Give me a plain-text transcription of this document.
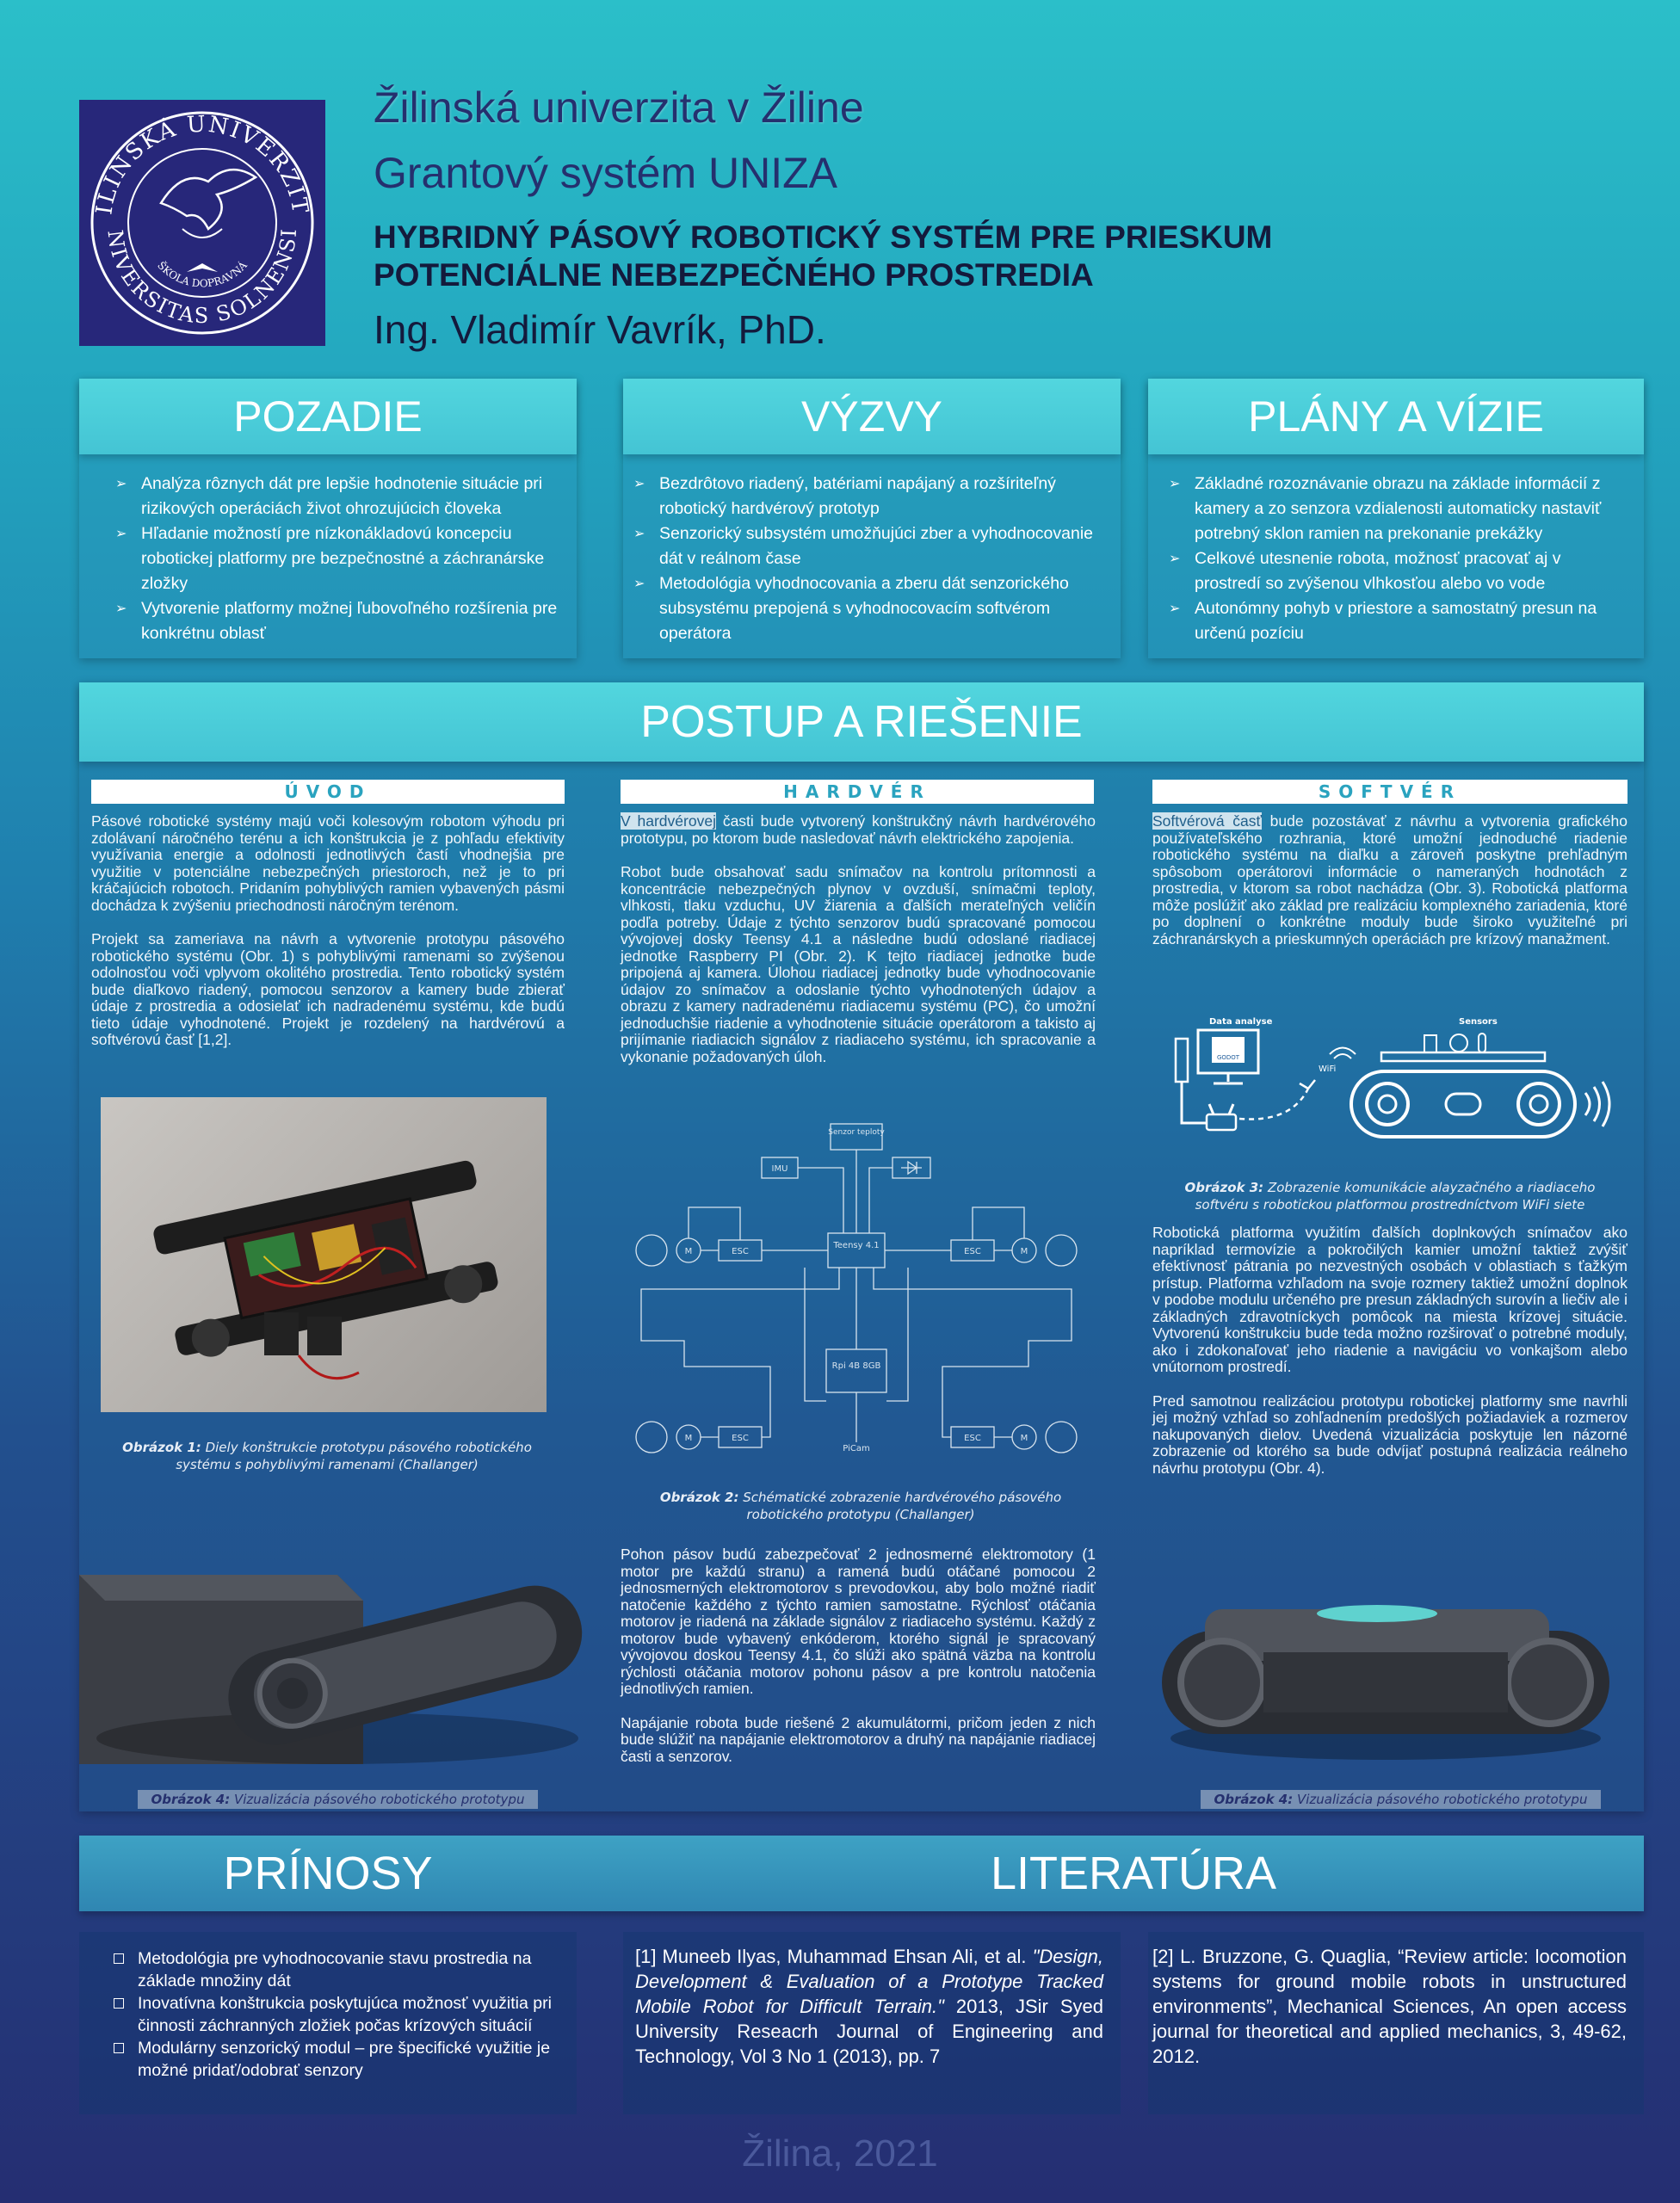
ILINSKÁ UNIVERZIT
NIVERSITAS SOLNENSI
ŠKOLA DOPRAVNÁ
Žilinská univerzita v Žiline
Grantový systém UNIZA
HYBRIDNÝ PÁSOVÝ ROBOTICKÝ SYSTÉM PRE PRIESKUM POTENCIÁLNE NEBEZPEČNÉHO PROSTREDIA
Ing. Vladimír Vavrík, PhD.
POZADIE
➢ Analýza rôznych dát pre lepšie hodnotenie situácie pri rizikových operáciách život ohrozujúcich človeka
➢ Hľadanie možností pre nízkonákladovú koncepciu robotickej platformy pre bezpečnostné a záchranárske zložky
➢ Vytvorenie platformy možnej ľubovoľného rozšírenia pre konkrétnu oblasť
VÝZVY
➢ Bezdrôtovo riadený, batériami napájaný a rozšíriteľný robotický hardvérový prototyp
➢ Senzorický subsystém umožňujúci zber a vyhodnocovanie dát v reálnom čase
➢ Metodológia vyhodnocovania a zberu dát senzorického subsystému prepojená s vyhodnocovacím softvérom operátora
PLÁNY A VÍZIE
➢ Základné rozoznávanie obrazu na základe informácií z kamery a zo senzora vzdialenosti automaticky nastaviť potrebný sklon ramien na prekonanie prekážky
➢ Celkové utesnenie robota, možnosť pracovať aj v prostredí so zvýšenou vlhkosťou alebo vo vode
➢ Autonómny pohyb v priestore a samostatný presun na určenú pozíciu
POSTUP A RIEŠENIE
ÚVOD

Pásové robotické systémy majú voči kolesovým robotom výhodu pri zdolávaní náročného terénu a ich konštrukcia je z pohľadu efektivity využívania energie a odolnosti jednotlivých častí vhodnejšia pre využitie v potenciálne nebezpečných priestoroch, než je to pri kráčajúcich robotoch. Pridaním pohyblivých ramien vybavených pásmi dochádza k zvýšeniu priechodnosti náročným terénom.

Projekt sa zameriava na návrh a vytvorenie prototypu pásového robotického systému (Obr. 1) s pohyblivými ramenami so zvýšenou odolnosťou voči vplyvom okolitého prostredia. Tento robotický systém bude diaľkovo riadený, pomocou senzorov a kamery bude zbierať údaje z prostredia a odosielať ich nadradenému systému, kde budú tieto údaje vyhodnotené. Projekt je rozdelený na hardvérovú a softvérovú časť [1,2].

Obrázok 1: Diely konštrukcie prototypu pásového robotického systému s pohyblivými ramenami (Challanger)
Obrázok 4: Vizualizácia pásového robotického prototypu
HARDVÉR

V hardvérovej časti bude vytvorený konštrukčný návrh hardvérového prototypu, po ktorom bude nasledovať návrh elektrického zapojenia.

Robot bude obsahovať sadu snímačov na kontrolu prítomnosti a koncentrácie nebezpečných plynov v ovzduší, snímačmi teploty, vlhkosti, tlaku vzduchu, UV žiarenia a ďalších merateľných veličín podľa potreby. Údaje z týchto senzorov budú spracované pomocou vývojovej dosky Teensy 4.1 a následne budú odoslané riadiacej jednotke Raspberry PI (Obr. 2). K tejto riadiacej jednotke bude pripojená aj kamera. Úlohou riadiacej jednotky bude vyhodnocovanie údajov zo snímačov a odoslanie týchto vyhodnotených údajov a obrazu z kamery nadradenému riadiacemu systému (PC), čo umožní jednoduchšie riadenie a vyhodnotenie situácie operátorom a takisto aj prijímanie riadiacich signálov z riadiaceho systému, ich spracovanie a vykonanie požadovaných úloh.

Senzor teploty
IMU
Teensy 4.1
Rpi 4B 8GB
PiCam
ESC	ESC
ESC	ESC
M	M
M	M
Obrázok 2: Schématické zobrazenie hardvérového pásového robotického prototypu (Challanger)

Pohon pásov budú zabezpečovať 2 jednosmerné elektromotory (1 motor pre každú stranu) a ramená budú otáčané pomocou 2 jednosmerných elektromotorov s prevodovkou, aby bolo možné riadiť natočenie každého z týchto ramien samostatne. Rýchlosť otáčania motorov je riadená na základe signálov z riadiaceho systému. Každý z motorov bude vybavený enkóderom, ktorého signál je spracovaný vývojovou doskou Teensy 4.1, čo slúži ako spätná väzba na kontrolu rýchlosti otáčania motorov pohonu pásov a pre kontrolu natočenia jednotlivých ramien.

Napájanie robota bude riešené 2 akumulátormi, pričom jeden z nich bude slúžiť na napájanie elektromotorov a druhý na napájanie riadiacej časti a senzorov.

SOFTVÉR

Softvérová časť bude pozostávať z návrhu a vytvorenia grafického používateľského rozhrania, ktoré umožní jednoduché riadenie robotického systému na diaľku a zároveň poskytne prehľadným spôsobom operátorovi informácie o nameraných hodnotách z prostredia, v ktorom sa robot nachádza (Obr. 3). Robotická platforma môže poslúžiť ako základ pre realizáciu komplexného zariadenia, ktoré po doplnení o konkrétne moduly bude široko využiteľné pri záchranárskych a prieskumných operáciách pre krízový manažment.

Data analyse
GODOT
WiFi
Sensors
Obrázok 3: Zobrazenie komunikácie alayzačného a riadiaceho softvéru s robotickou platformou prostredníctvom WiFi siete

Robotická platforma využitím ďalších doplnkových snímačov ako napríklad termovízie a pokročilých kamier umožní taktiež zvýšiť efektívnosť pátrania po nezvestných osobách v oblastiach s ťažkým prístup. Platforma vzhľadom na svoje rozmery taktiež umožní doplnok v podobe modulu určeného pre presun základných surovín a liečiv ale i základných zdravotníckych pomôcok na miesta krízovej situácie. Vytvorenú konštrukciu bude teda možno rozširovať o potrebné moduly, ako i zdokonaľovať jeho riadenie a navigáciu vo vonkajšom alebo vnútornom prostredí.

Pred samotnou realizáciou prototypu robotickej platformy sme navrhli jej možný vzhľad so zohľadnením predošlých požiadaviek a rozmerov nakupovaných dielov. Uvedená vizualizácia poskytuje len názorné zobrazenie od ktorého sa bude odvíjať postupná realizácia reálneho návrhu prototypu (Obr. 4).

Obrázok 4: Vizualizácia pásového robotického prototypu
PRÍNOSY	LITERATÚRA
Metodológia pre vyhodnocovanie stavu prostredia na základe množiny dát
Inovatívna konštrukcia poskytujúca možnosť využitia pri činnosti záchranných zložiek počas krízových situácií
Modulárny senzorický modul – pre špecifické využitie je možné pridať/odobrať senzory
[1] Muneeb Ilyas, Muhammad Ehsan Ali, et al. "Design, Development & Evaluation of a Prototype Tracked Mobile Robot for Difficult Terrain." 2013, JSir Syed University Reseacrh Journal of Engineering and Technology, Vol 3 No 1 (2013), pp. 7
[2] L. Bruzzone, G. Quaglia, “Review article: locomotion systems for ground mobile robots in unstructured environments”, Mechanical Sciences, An open access journal for theoretical and applied mechanics, 3, 49-62, 2012.
Žilina, 2021
